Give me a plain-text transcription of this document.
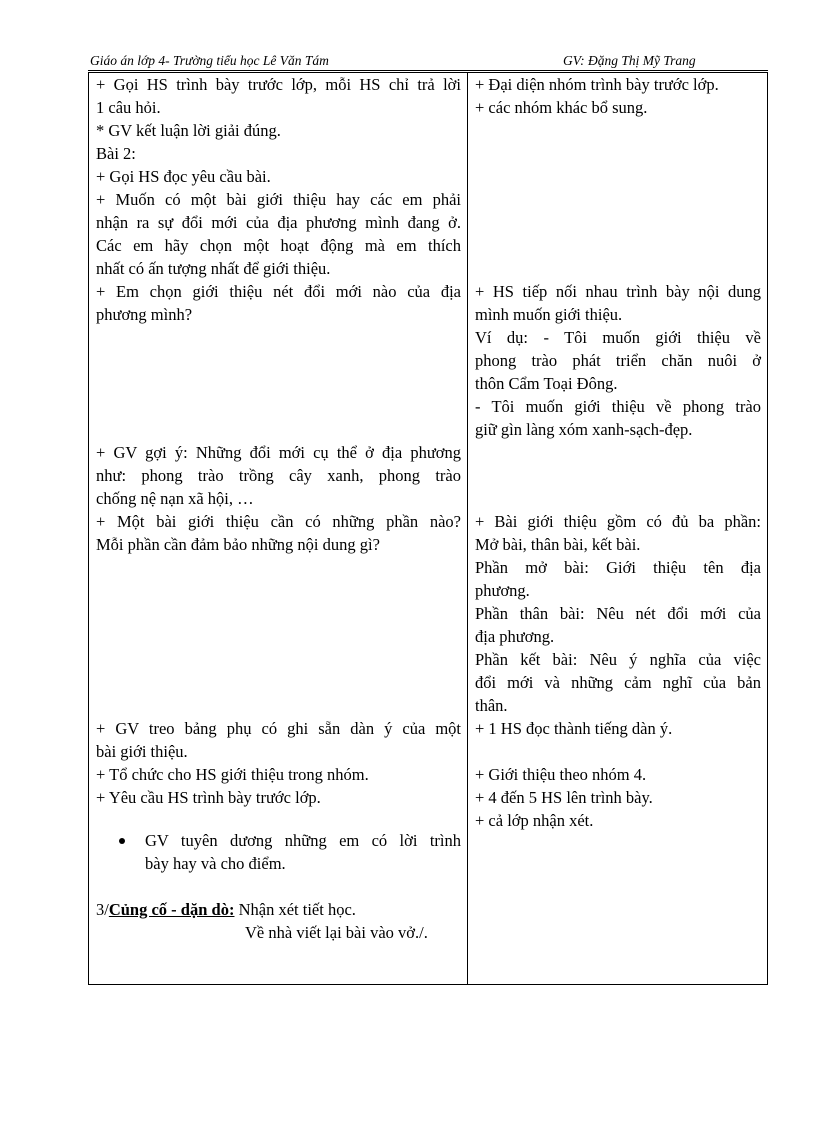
Giáo án lớp 4- Trường tiểu học Lê Văn Tám	GV: Đặng Thị Mỹ Trang
+ Gọi HS trình bày trước lớp, mỗi HS chỉ trả lời
1 câu hỏi.
* GV kết luận lời giải đúng.
Bài 2:
+ Gọi HS đọc yêu cầu bài.
+ Muốn có một bài giới thiệu hay các em phải
nhận ra sự đổi mới của địa phương mình đang ở.
Các em hãy chọn một hoạt động mà em thích
nhất có ấn tượng nhất để giới thiệu.
+ Em chọn giới thiệu nét đổi mới nào của địa
phương mình?
+ GV gợi ý: Những đổi mới cụ thể ở địa phương
như: phong trào trồng cây xanh, phong trào
chống nệ nạn xã hội, …
+ Một bài giới thiệu cần có những phần nào?
Mỗi phần cần đảm bảo những nội dung gì?
+ GV treo bảng phụ có ghi sẵn dàn ý của một
bài giới thiệu.
+ Tổ chức cho HS giới thiệu trong nhóm.
+ Yêu cầu HS trình bày trước lớp.
GV tuyên dương những em có lời trình
bày hay và cho điểm.
3/Củng cố - dặn dò: Nhận xét tiết học.
Về nhà viết lại bài vào vở./.
+ Đại diện nhóm trình bày trước lớp.
+ các nhóm khác bổ sung.
+ HS tiếp nối nhau trình bày nội dung
mình muốn giới thiệu.
Ví dụ: - Tôi muốn giới thiệu về
phong trào phát triển chăn nuôi ở
thôn Cẩm Toại Đông.
- Tôi muốn giới thiệu về phong trào
giữ gìn làng xóm xanh-sạch-đẹp.
+ Bài giới thiệu gồm có đủ ba phần:
Mở bài, thân bài, kết bài.
Phần mở bài: Giới thiệu tên địa
phương.
Phần thân bài: Nêu nét đổi mới của
địa phương.
Phần kết bài: Nêu ý nghĩa của việc
đổi mới và những cảm nghĩ của bản
thân.
+ 1 HS đọc thành tiếng dàn ý.
+ Giới thiệu theo nhóm 4.
+ 4 đến 5 HS lên trình bày.
+ cả lớp nhận xét.
